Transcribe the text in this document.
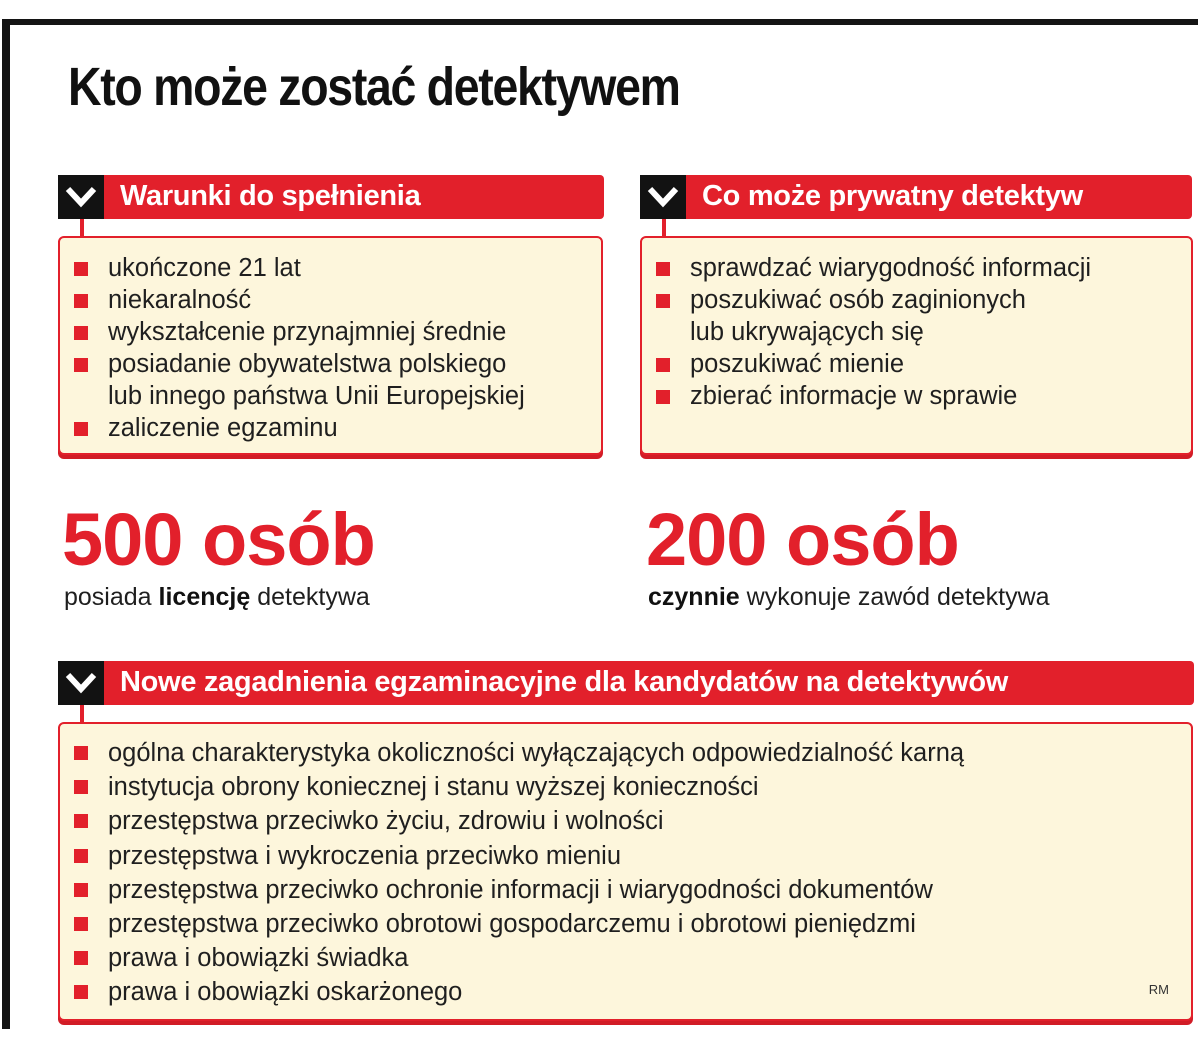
Kto może zostać detektywem
Warunki do spełnienia
ukończone 21 lat
niekaralność
wykształcenie przynajmniej średnie
posiadanie obywatelstwa polskiego
lub innego państwa Unii Europejskiej
zaliczenie egzaminu
Co może prywatny detektyw
sprawdzać wiarygodność informacji
poszukiwać osób zaginionych
lub ukrywających się
poszukiwać mienie
zbierać informacje w sprawie
500 osób
posiada licencję detektywa
200 osób
czynnie wykonuje zawód detektywa
Nowe zagadnienia egzaminacyjne dla kandydatów na detektywów
ogólna charakterystyka okoliczności wyłączających odpowiedzialność karną
instytucja obrony koniecznej i stanu wyższej konieczności
przestępstwa przeciwko życiu, zdrowiu i wolności
przestępstwa i wykroczenia przeciwko mieniu
przestępstwa przeciwko ochronie informacji i wiarygodności dokumentów
przestępstwa przeciwko obrotowi gospodarczemu i obrotowi pieniędzmi
prawa i obowiązki świadka
prawa i obowiązki oskarżonego	RM
